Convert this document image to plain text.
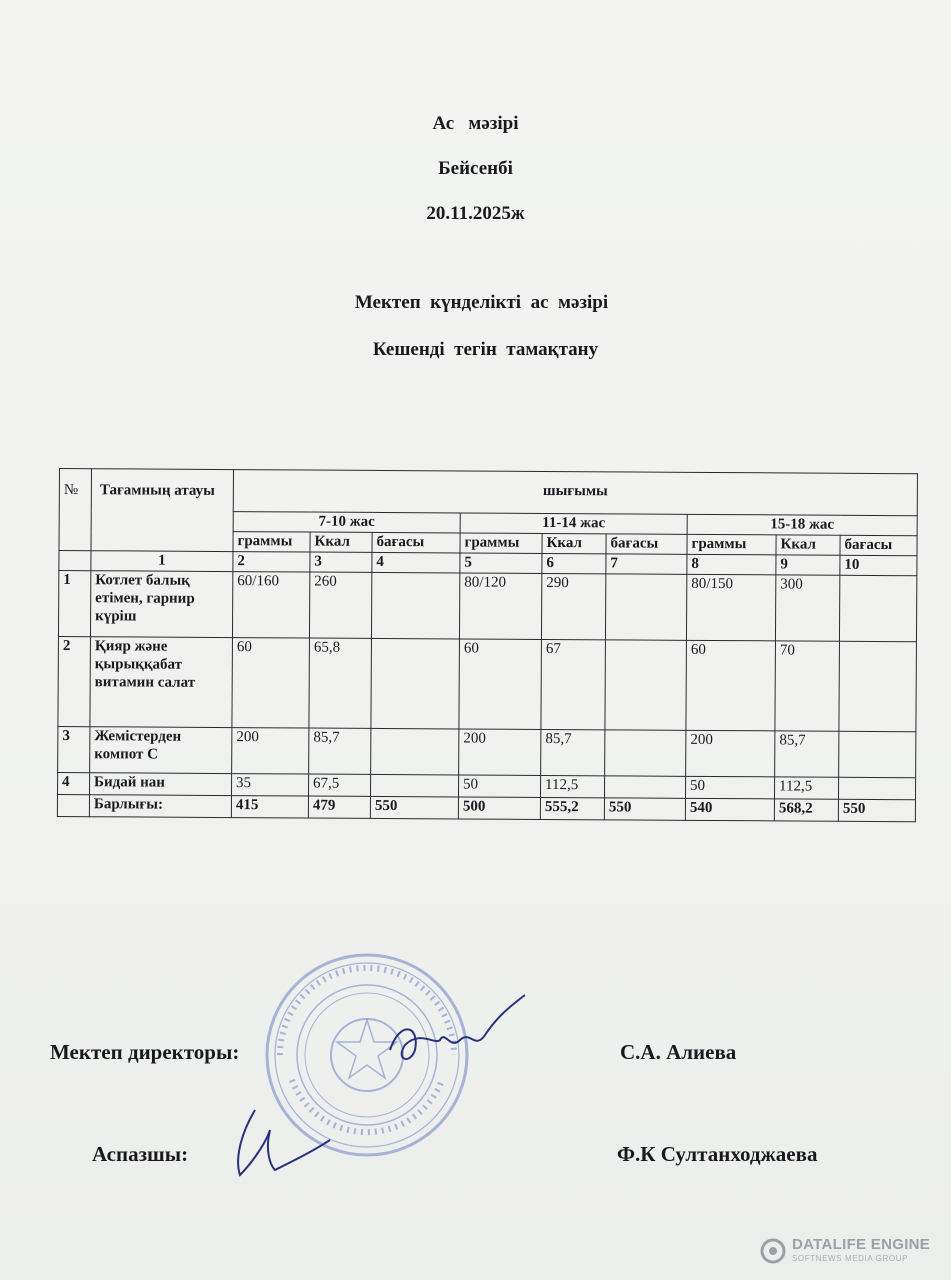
Ас   мәзірі
Бейсенбі
20.11.2025ж
Мектеп  күнделікті  ас  мәзірі
Кешенді  тегін  тамақтану
№	Тағамның атауы	шығымы								
		7-10 жас			11-14 жас			15-18 жас		
		граммы	Ккал	бағасы	граммы	Ккал	бағасы	граммы	Ккал	бағасы
	1	2	3	4	5	6	7	8	9	10
1	Котлет балық етімен, гарнир күріш	60/160	260		80/120	290		80/150	300	
2	Қияр және қырыққабат витамин салат	60	65,8		60	67		60	70	
3	Жемістерден компот С	200	85,7		200	85,7		200	85,7	
4	Бидай нан	35	67,5		50	112,5		50	112,5	
	Барлығы:	415	479	550	500	555,2	550	540	568,2	550
Мектеп директоры:	С.А. Алиева
Аспазшы:	Ф.К Султанходжаева
DATALIFE ENGINE
SOFTNEWS MEDIA GROUP
